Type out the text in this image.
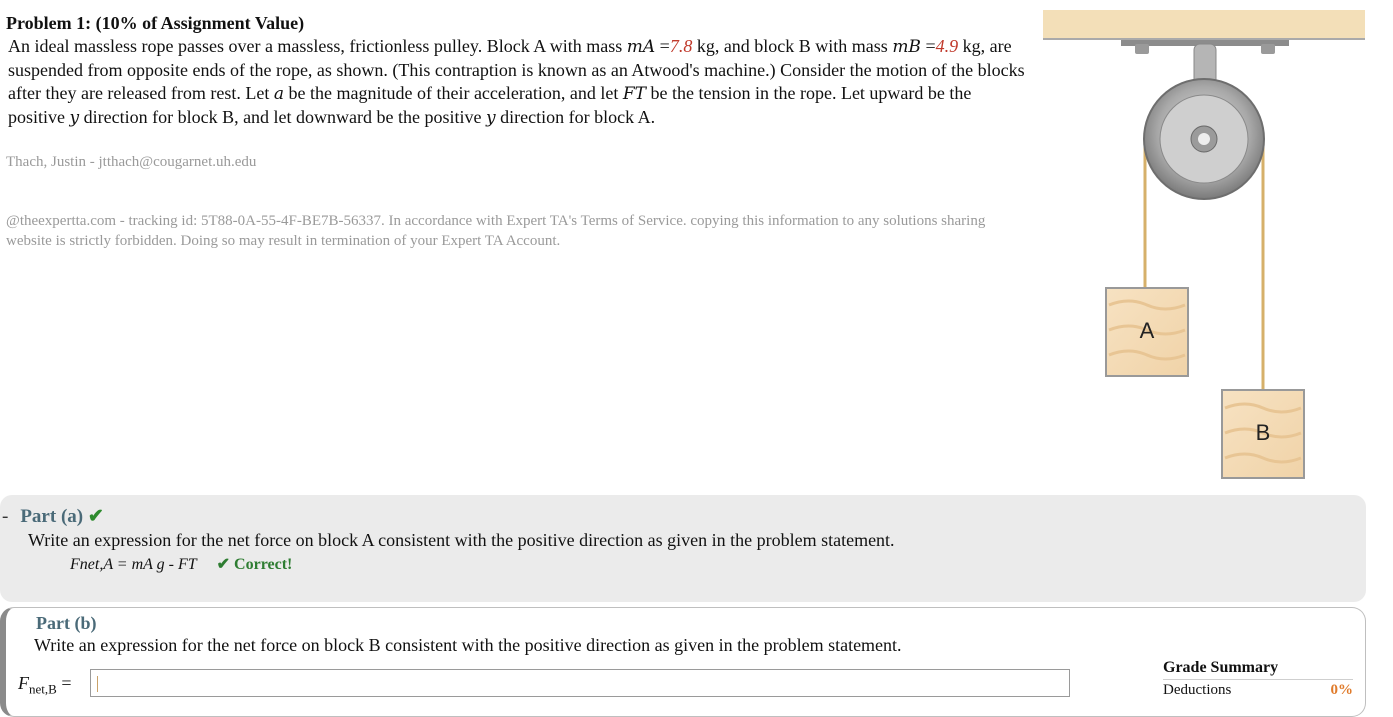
Problem 1: (10% of Assignment Value)
An ideal massless rope passes over a massless, frictionless pulley. Block A with mass mA =7.8 kg, and block B with mass mB =4.9 kg, are suspended from opposite ends of the rope, as shown. (This contraption is known as an Atwood's machine.) Consider the motion of the blocks after they are released from rest. Let a be the magnitude of their acceleration, and let FT be the tension in the rope. Let upward be the positive y direction for block B, and let downward be the positive y direction for block A.
Thach, Justin - jtthach@cougarnet.uh.edu
@theexpertta.com - tracking id: 5T88-0A-55-4F-BE7B-56337. In accordance with Expert TA's Terms of Service. copying this information to any solutions sharing website is strictly forbidden. Doing so may result in termination of your Expert TA Account.
A
B
- Part (a) ✔
Write an expression for the net force on block A consistent with the positive direction as given in the problem statement.
Fnet,A = mA g - FT ✔ Correct!
Part (b)
Write an expression for the net force on block B consistent with the positive direction as given in the problem statement.
$F_{net,B}$ =
Grade Summary
Deductions	0%
